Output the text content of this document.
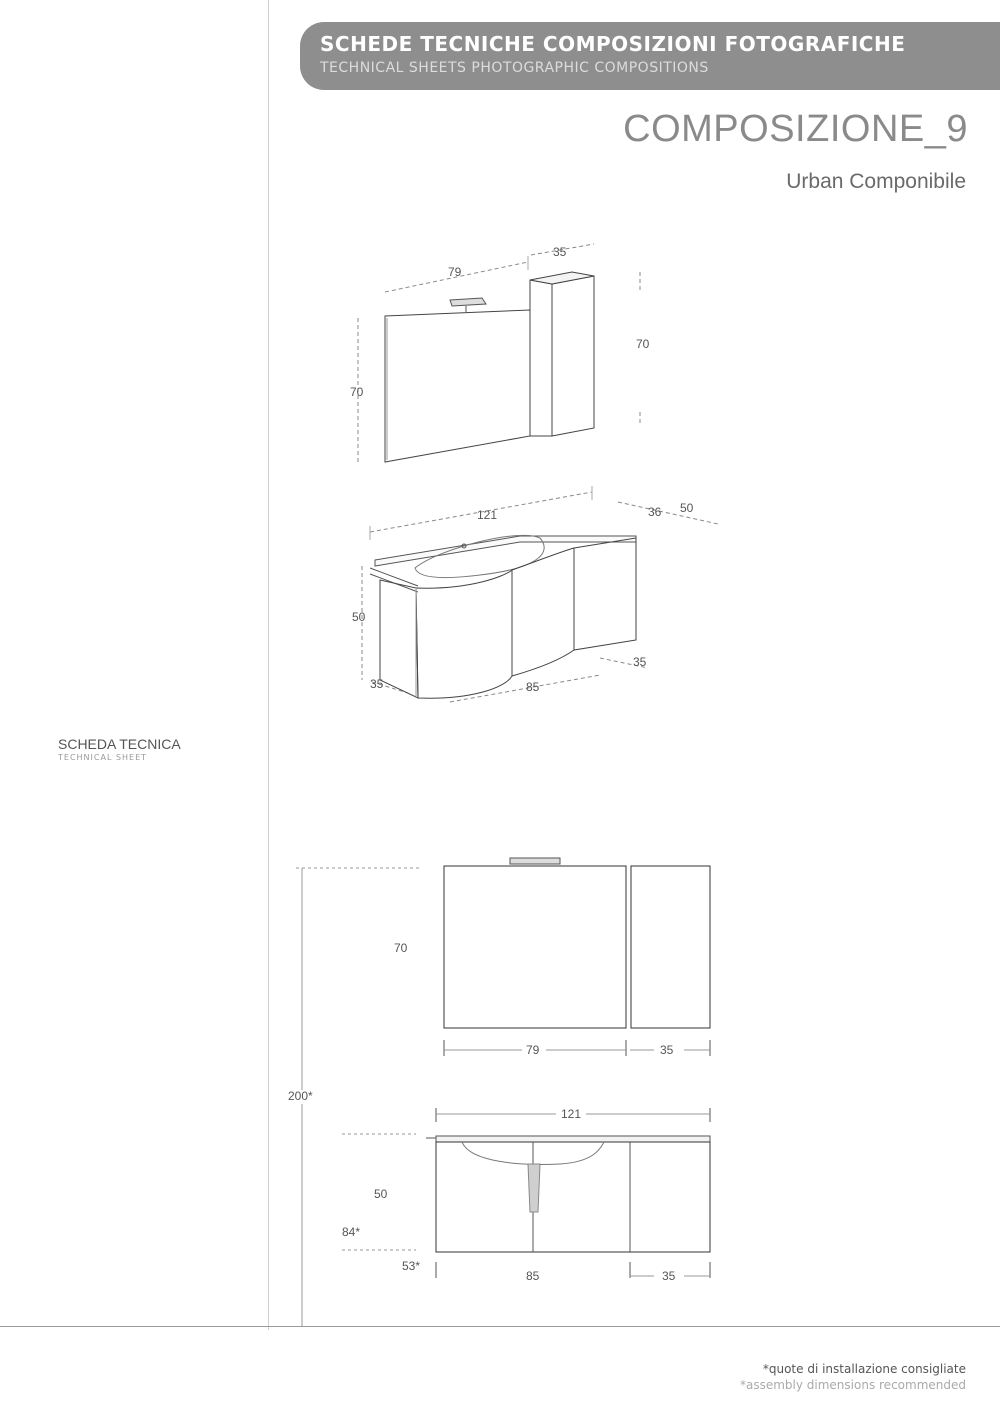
SCHEDE TECNICHE COMPOSIZIONI FOTOGRAFICHE
TECHNICAL SHEETS PHOTOGRAPHIC COMPOSITIONS
COMPOSIZIONE_9
Urban Componibile
SCHEDA TECNICA
TECHNICAL SHEET
79
35
70
70
121	36 50
50
35	85
35
70
79	35
200*
121
50
84*
53*
85	35
*quote di installazione consigliate
*assembly dimensions recommended
